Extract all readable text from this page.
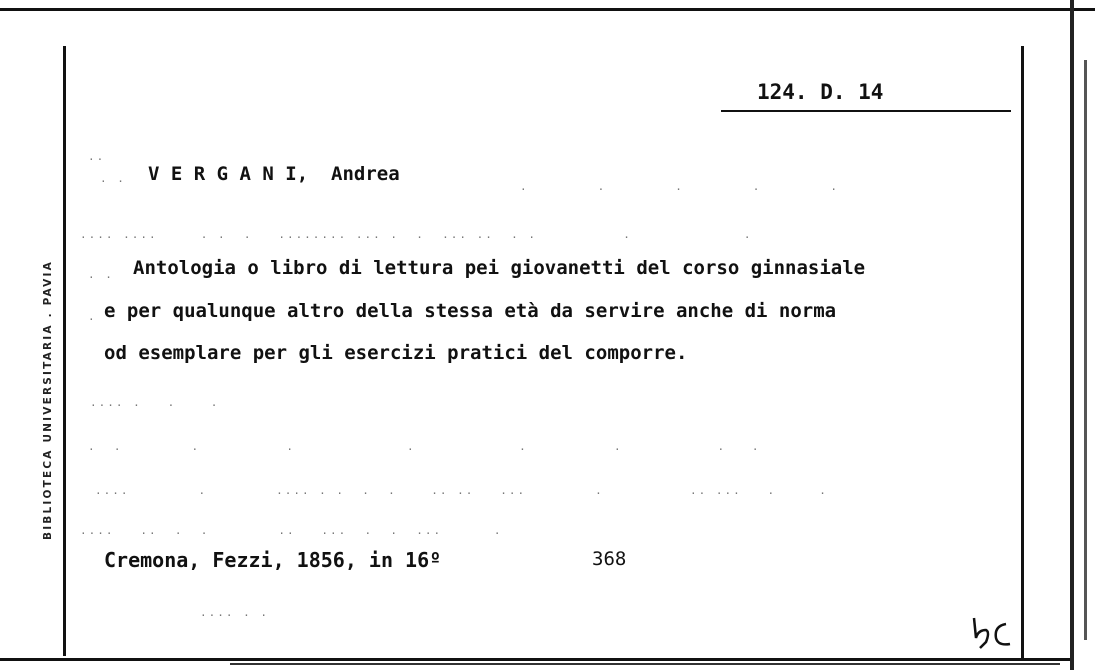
BIBLIOTECA UNIVERSITARIA . PAVIA
124. D. 14
..
. . V E R G A N I,  Andrea
.        .        .        .        .
.... ....     . .  .   ........ ... .  .  ... ..  . .          .             .
. . Antologia o libro di lettura pei giovanetti del corso ginnasiale
. e per qualunque altro della stessa età da servire anche di norma
od esemplare per gli esercizi pratici del comporre.
.... .   .    .
.  .        .          .             .            .          .           .   .
....        .        .... . .  .  .    .. ..   ...        .          .. ...   .     .
....   ..  .  .        ..   ...  .  .  ...      .
Cremona, Fezzi, 1856, in 16º	368
.... . .
